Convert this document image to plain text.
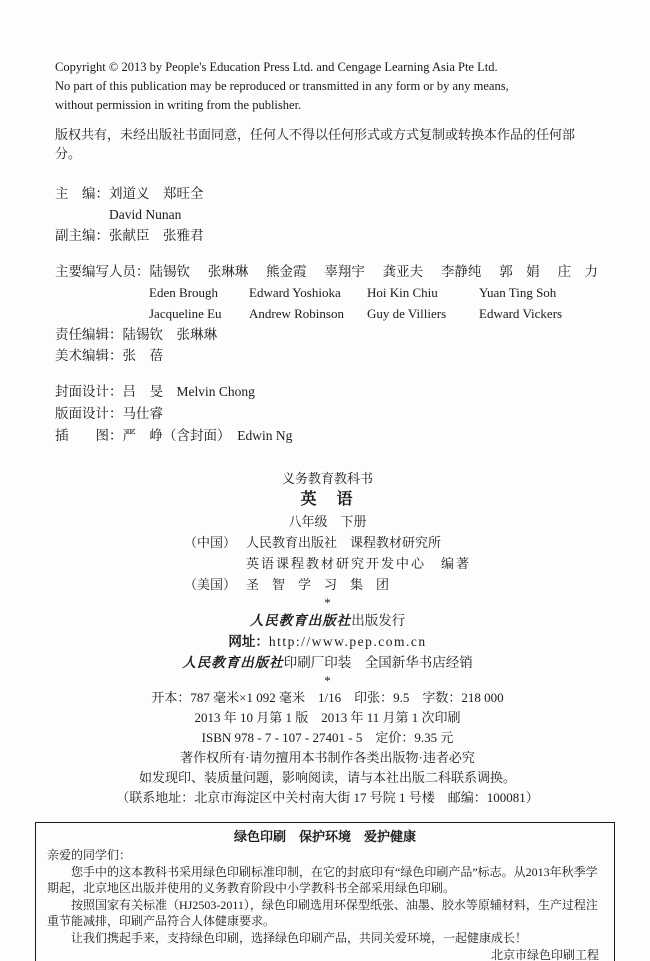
Copyright © 2013 by People's Education Press Ltd. and Cengage Learning Asia Pte Ltd.
No part of this publication may be reproduced or transmitted in any form or by any means,
without permission in writing from the publisher.
版权共有，未经出版社书面同意，任何人不得以任何形式或方式复制或转换本作品的任何部分。
主　编： 刘道义　郑旺全
David Nunan
副主编： 张献臣　张雅君
主要编写人员： 陆锡钦 张琳琳 熊金霞 辜翔宇 龚亚夫 李静纯 郭　娟 庄　力
Eden Brough	Edward Yoshioka	Hoi Kin Chiu	Yuan Ting Soh
Jacqueline Eu	Andrew Robinson	Guy de Villiers	Edward Vickers
责任编辑： 陆锡钦　张琳琳
美术编辑： 张　蓓
封面设计： 吕　旻　Melvin Chong
版面设计： 马仕睿
插　　图： 严　峥（含封面）　Edwin Ng
义务教育教科书
英　语
八年级　下册
（中国） 人民教育出版社　课程教材研究所
英语课程教材研究开发中心　编著
（美国） 圣　智　学　习　集　团
*
人民教育出版社出版发行
网址：http://www.pep.com.cn
人民教育出版社印刷厂印装　全国新华书店经销
*
开本：787 毫米×1 092 毫米　1/16　印张：9.5　字数：218 000
2013 年 10 月第 1 版　2013 年 11 月第 1 次印刷
ISBN 978 - 7 - 107 - 27401 - 5　定价：9.35 元
著作权所有·请勿擅用本书制作各类出版物·违者必究
如发现印、装质量问题，影响阅读，请与本社出版二科联系调换。
（联系地址：北京市海淀区中关村南大街 17 号院 1 号楼　邮编：100081）
绿色印刷　保护环境　爱护健康

亲爱的同学们：

您手中的这本教科书采用绿色印刷标准印制，在它的封底印有“绿色印刷产品”标志。从2013年秋季学期起，北京地区出版并使用的义务教育阶段中小学教科书全部采用绿色印刷。

按照国家有关标准（HJ2503-2011），绿色印刷选用环保型纸张、油墨、胶水等原辅材料，生产过程注重节能减排，印刷产品符合人体健康要求。

让我们携起手来，支持绿色印刷，选择绿色印刷产品，共同关爱环境，一起健康成长！

北京市绿色印刷工程
